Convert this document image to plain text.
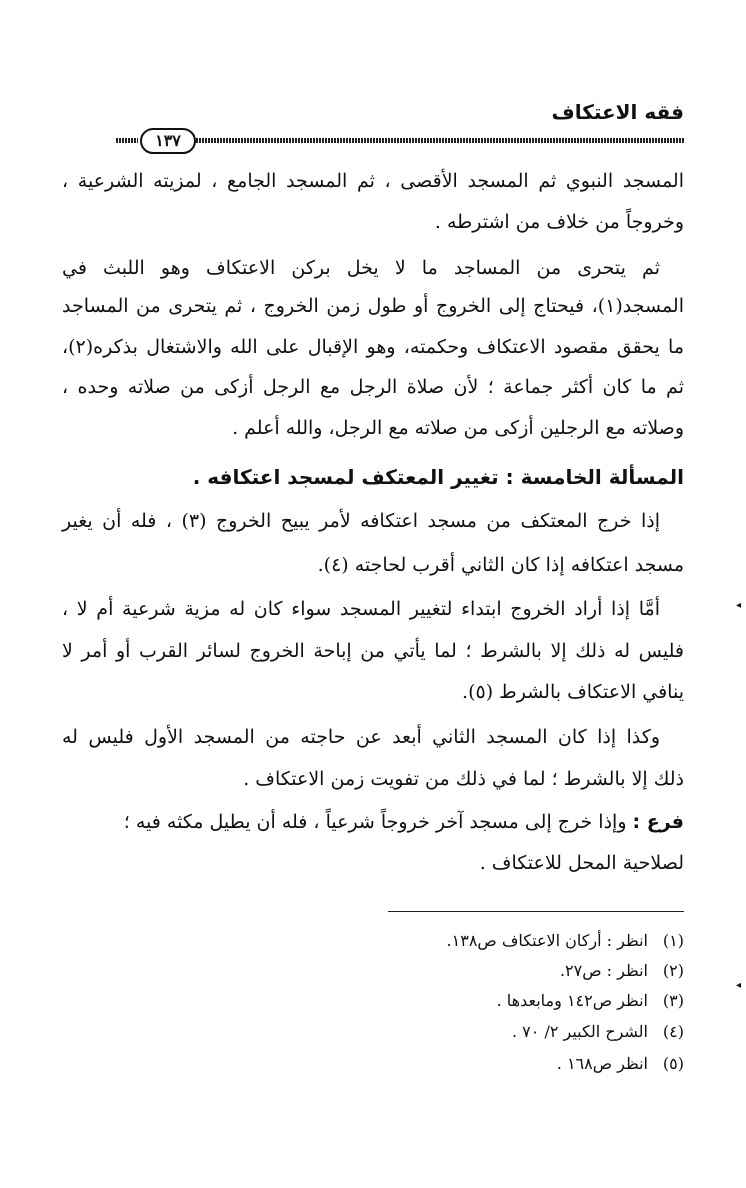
فقه الاعتكاف
١٣٧
المسجد النبوي ثم المسجد الأقصى ، ثم المسجد الجامع ، لمزيته الشرعية ،
وخروجاً من خلاف من اشترطه .
ثم يتحرى من المساجد ما لا يخل بركن الاعتكاف وهو اللبث في
المسجد(١)، فيحتاج إلى الخروج أو طول زمن الخروج ، ثم يتحرى من المساجد
ما يحقق مقصود الاعتكاف وحكمته، وهو الإقبال على الله والاشتغال بذكره(٢)،
ثم ما كان أكثر جماعة ؛ لأن صلاة الرجل مع الرجل أزكى من صلاته وحده ،
وصلاته مع الرجلين أزكى من صلاته مع الرجل، والله أعلم .
المسألة الخامسة : تغيير المعتكف لمسجد اعتكافه .
إذا خرج المعتكف من مسجد اعتكافه لأمر يبيح الخروج (٣) ، فله أن يغير
مسجد اعتكافه إذا كان الثاني أقرب لحاجته (٤).
أمَّا إذا أراد الخروج ابتداء لتغيير المسجد سواء كان له مزية شرعية أم لا ،
فليس له ذلك إلا بالشرط ؛ لما يأتي من إباحة الخروج لسائر القرب أو أمر لا
ينافي الاعتكاف بالشرط (٥).
وكذا إذا كان المسجد الثاني أبعد عن حاجته من المسجد الأول فليس له
ذلك إلا بالشرط ؛ لما في ذلك من تفويت زمن الاعتكاف .
فرع : وإذا خرج إلى مسجد آخر خروجاً شرعياً ، فله أن يطيل مكثه فيه ؛
لصلاحية المحل للاعتكاف .
(١)انظر : أركان الاعتكاف ص١٣٨.
(٢)انظر : ص٢٧.
(٣)انظر ص١٤٢ ومابعدها .
(٤)الشرح الكبير ٢/ ٧٠ .
(٥)انظر ص١٦٨ .
◂
◂
